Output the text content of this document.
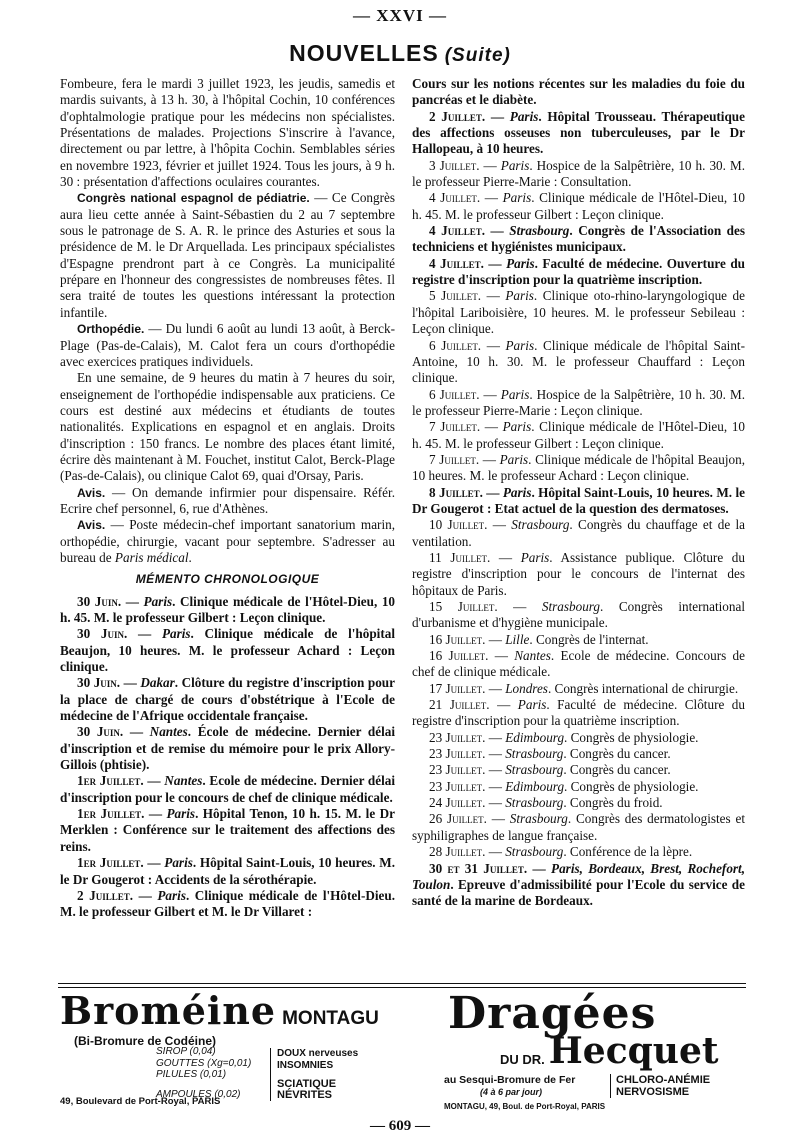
— XXVI —
NOUVELLES (Suite)

Fombeure, fera le mardi 3 juillet 1923, les jeudis, samedis et mardis suivants, à 13 h. 30, à l'hôpital Cochin, 10 conférences d'ophtalmologie pratique pour les médecins non spécialistes. Présentations de malades. Projections S'inscrire à l'avance, directement ou par lettre, à l'hôpita Cochin. Semblables séries en novembre 1923, février et juillet 1924. Tous les jours, à 9 h. 30 : présentation d'affections oculaires courantes.

Congrès national espagnol de pédiatrie. — Ce Congrès aura lieu cette année à Saint-Sébastien du 2 au 7 septembre sous le patronage de S. A. R. le prince des Asturies et sous la présidence de M. le Dr Arquellada. Les principaux spécialistes d'Espagne prendront part à ce Congrès. La municipalité prépare en l'honneur des congressistes de nombreuses fêtes. Il sera traité de toutes les questions intéressant la protection infantile.

Orthopédie. — Du lundi 6 août au lundi 13 août, à Berck-Plage (Pas-de-Calais), M. Calot fera un cours d'orthopédie avec exercices pratiques individuels.

En une semaine, de 9 heures du matin à 7 heures du soir, enseignement de l'orthopédie indispensable aux praticiens. Ce cours est destiné aux médecins et étudiants de toutes nationalités. Explications en espagnol et en anglais. Droits d'inscription : 150 francs. Le nombre des places étant limité, écrire dès maintenant à M. Fouchet, institut Calot, Berck-Plage (Pas-de-Calais), ou clinique Calot 69, quai d'Orsay, Paris.

Avis. — On demande infirmier pour dispensaire. Référ. Ecrire chef personnel, 6, rue d'Athènes.

Avis. — Poste médecin-chef important sanatorium marin, orthopédie, chirurgie, vacant pour septembre. S'adresser au bureau de Paris médical.

MÉMENTO CHRONOLOGIQUE

30 Juin. — Paris. Clinique médicale de l'Hôtel-Dieu, 10 h. 45. M. le professeur Gilbert : Leçon clinique.

30 Juin. — Paris. Clinique médicale de l'hôpital Beaujon, 10 heures. M. le professeur Achard : Leçon clinique.

30 Juin. — Dakar. Clôture du registre d'inscription pour la place de chargé de cours d'obstétrique à l'Ecole de médecine de l'Afrique occidentale française.

30 Juin. — Nantes. École de médecine. Dernier délai d'inscription et de remise du mémoire pour le prix Allory-Gillois (phtisie).

1er Juillet. — Nantes. Ecole de médecine. Dernier délai d'inscription pour le concours de chef de clinique médicale.

1er Juillet. — Paris. Hôpital Tenon, 10 h. 15. M. le Dr Merklen : Conférence sur le traitement des affections des reins.

1er Juillet. — Paris. Hôpital Saint-Louis, 10 heures. M. le Dr Gougerot : Accidents de la sérothérapie.

2 Juillet. — Paris. Clinique médicale de l'Hôtel-Dieu. M. le professeur Gilbert et M. le Dr Villaret :

Cours sur les notions récentes sur les maladies du foie du pancréas et le diabète.

2 Juillet. — Paris. Hôpital Trousseau. Thérapeutique des affections osseuses non tuberculeuses, par le Dr Hallopeau, à 10 heures.

3 Juillet. — Paris. Hospice de la Salpêtrière, 10 h. 30. M. le professeur Pierre-Marie : Consultation.

4 Juillet. — Paris. Clinique médicale de l'Hôtel-Dieu, 10 h. 45. M. le professeur Gilbert : Leçon clinique.

4 Juillet. — Strasbourg. Congrès de l'Association des techniciens et hygiénistes municipaux.

4 Juillet. — Paris. Faculté de médecine. Ouverture du registre d'inscription pour la quatrième inscription.

5 Juillet. — Paris. Clinique oto-rhino-laryngologique de l'hôpital Lariboisière, 10 heures. M. le professeur Sebileau : Leçon clinique.

6 Juillet. — Paris. Clinique médicale de l'hôpital Saint-Antoine, 10 h. 30. M. le professeur Chauffard : Leçon clinique.

6 Juillet. — Paris. Hospice de la Salpêtrière, 10 h. 30. M. le professeur Pierre-Marie : Leçon clinique.

7 Juillet. — Paris. Clinique médicale de l'Hôtel-Dieu, 10 h. 45. M. le professeur Gilbert : Leçon clinique.

7 Juillet. — Paris. Clinique médicale de l'hôpital Beaujon, 10 heures. M. le professeur Achard : Leçon clinique.

8 Juillet. — Paris. Hôpital Saint-Louis, 10 heures. M. le Dr Gougerot : Etat actuel de la question des dermatoses.

10 Juillet. — Strasbourg. Congrès du chauffage et de la ventilation.

11 Juillet. — Paris. Assistance publique. Clôture du registre d'inscription pour le concours de l'internat des hôpitaux de Paris.

15 Juillet. — Strasbourg. Congrès international d'urbanisme et d'hygiène municipale.

16 Juillet. — Lille. Congrès de l'internat.

16 Juillet. — Nantes. Ecole de médecine. Concours de chef de clinique médicale.

17 Juillet. — Londres. Congrès international de chirurgie.

21 Juillet. — Paris. Faculté de médecine. Clôture du registre d'inscription pour la quatrième inscription.

23 Juillet. — Edimbourg. Congrès de physiologie.

23 Juillet. — Strasbourg. Congrès du cancer.

23 Juillet. — Strasbourg. Congrès du cancer.

23 Juillet. — Edimbourg. Congrès de physiologie.

24 Juillet. — Strasbourg. Congrès du froid.

26 Juillet. — Strasbourg. Congrès des dermatologistes et syphiligraphes de langue française.

28 Juillet. — Strasbourg. Conférence de la lèpre.

30 et 31 Juillet. — Paris, Bordeaux, Brest, Rochefort, Toulon. Epreuve d'admissibilité pour l'Ecole du service de santé de la marine de Bordeaux.

Broméine MONTAGU
(Bi-Bromure de Codéine)
SIROP (0,04)
GOUTTES (Xg=0,01)
PILULES (0,01)
AMPOULES (0,02)
DOUX nerveuses
INSOMNIES
SCIATIQUE
NÉVRITES
49, Boulevard de Port-Royal, PARIS
Dragées
DU DR. Hecquet
au Sesqui-Bromure de Fer
(4 à 6 par jour)
CHLORO-ANÉMIE
NERVOSISME
MONTAGU, 49, Boul. de Port-Royal, PARIS
— 609 —
